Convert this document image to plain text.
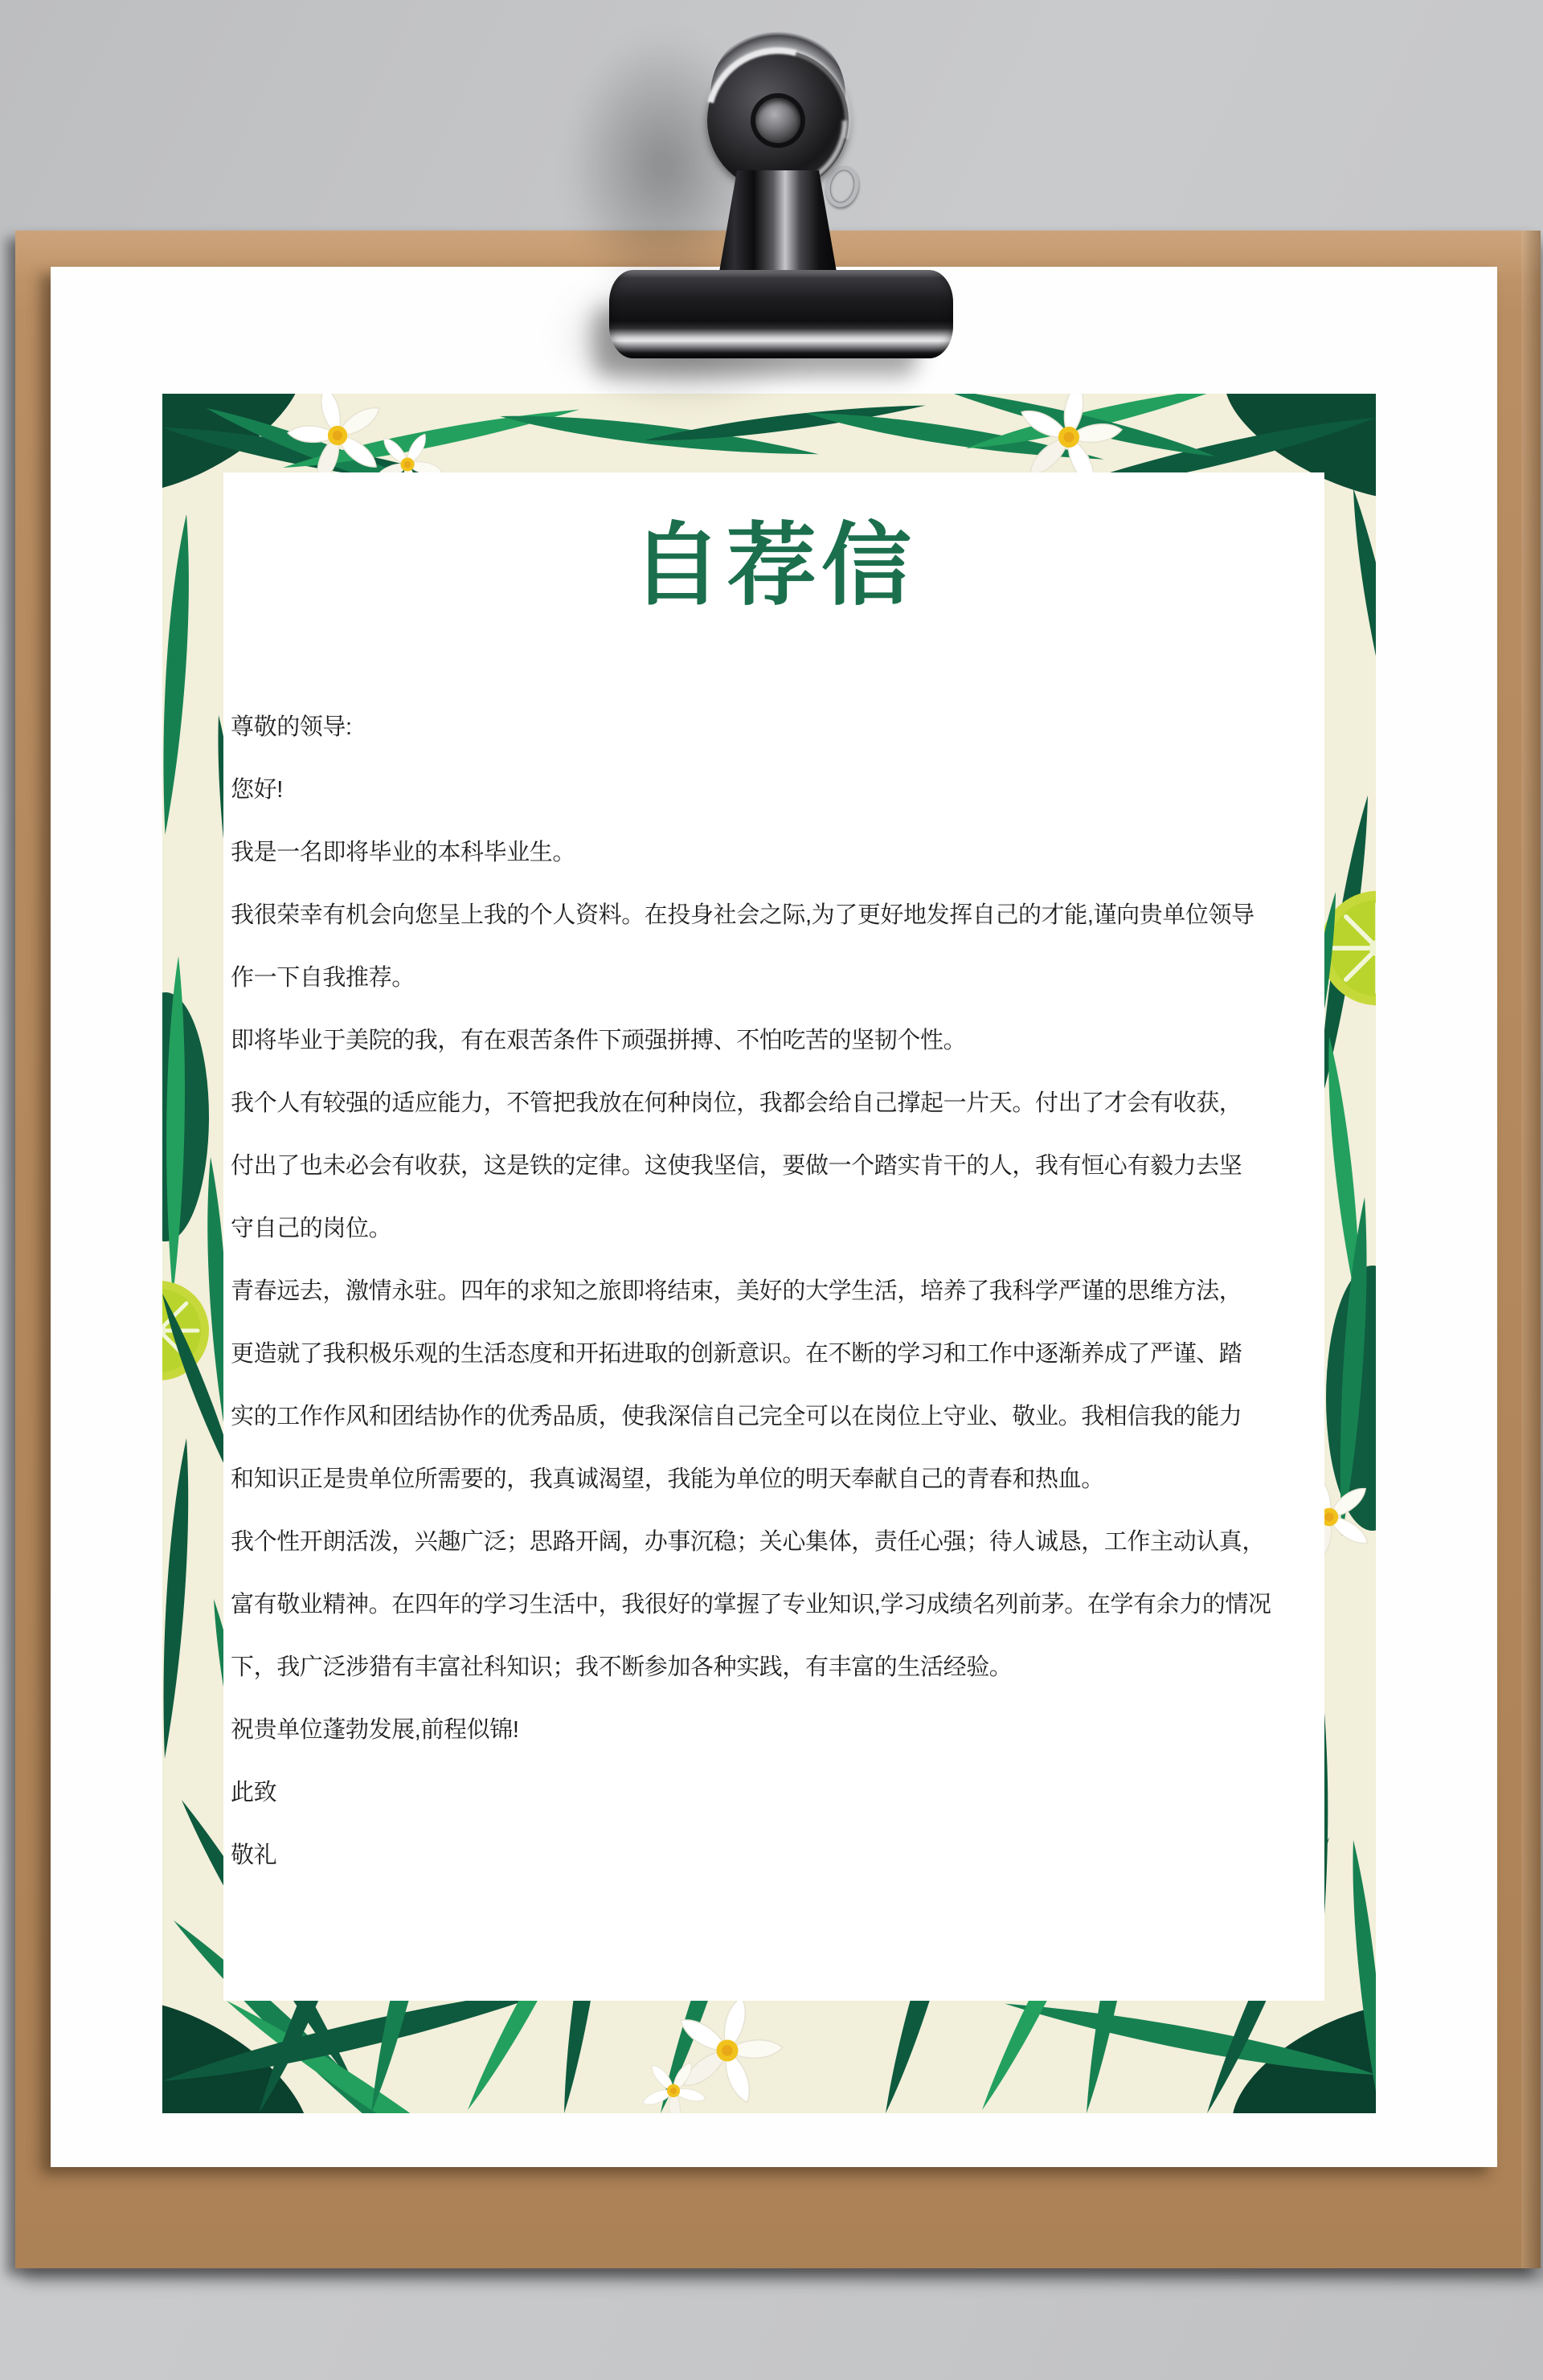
自荐信
尊敬的领导:
您好!
我是一名即将毕业的本科毕业生。
我很荣幸有机会向您呈上我的个人资料。在投身社会之际,为了更好地发挥自己的才能,谨向贵单位领导
作一下自我推荐。
即将毕业于美院的我，有在艰苦条件下顽强拼搏、不怕吃苦的坚韧个性。
我个人有较强的适应能力，不管把我放在何种岗位，我都会给自己撑起一片天。付出了才会有收获，
付出了也未必会有收获，这是铁的定律。这使我坚信，要做一个踏实肯干的人，我有恒心有毅力去坚
守自己的岗位。
青春远去，激情永驻。四年的求知之旅即将结束，美好的大学生活，培养了我科学严谨的思维方法，
更造就了我积极乐观的生活态度和开拓进取的创新意识。在不断的学习和工作中逐渐养成了严谨、踏
实的工作作风和团结协作的优秀品质，使我深信自己完全可以在岗位上守业、敬业。我相信我的能力
和知识正是贵单位所需要的，我真诚渴望，我能为单位的明天奉献自己的青春和热血。
我个性开朗活泼，兴趣广泛；思路开阔，办事沉稳；关心集体，责任心强；待人诚恳，工作主动认真，
富有敬业精神。在四年的学习生活中，我很好的掌握了专业知识,学习成绩名列前茅。在学有余力的情况
下，我广泛涉猎有丰富社科知识；我不断参加各种实践，有丰富的生活经验。
祝贵单位蓬勃发展,前程似锦!
此致
敬礼
